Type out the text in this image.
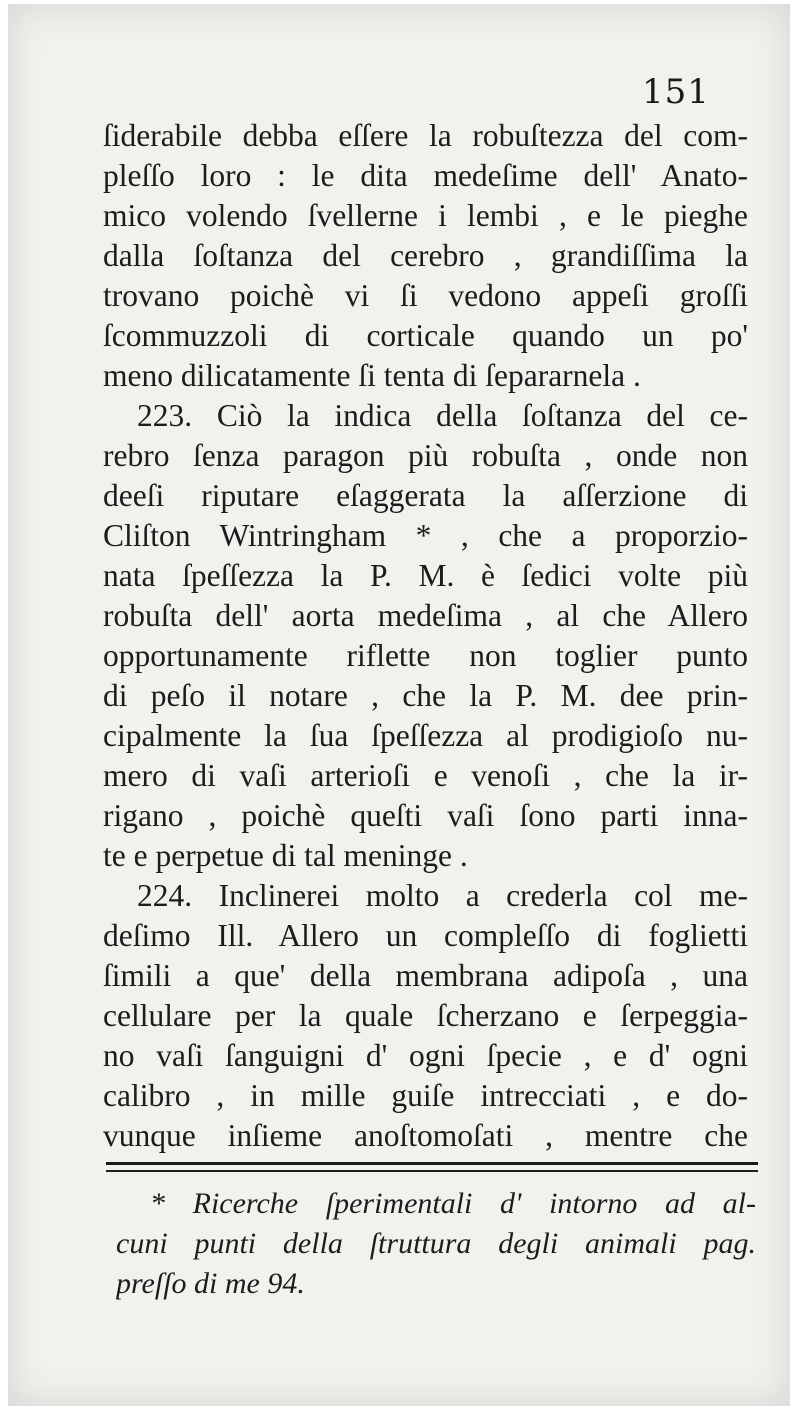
151
ſiderabile debba eſſere la robuſtezza del com-
pleſſo loro : le dita medeſime dell' Anato-
mico volendo ſvellerne i lembi , e le pieghe
dalla ſoſtanza del cerebro , grandiſſima la
trovano poichè vi ſi vedono appeſi groſſi
ſcommuzzoli di corticale quando un po'
meno dilicatamente ſi tenta di ſepararnela .
223. Ciò la indica della ſoſtanza del ce-
rebro ſenza paragon più robuſta , onde non
deeſi riputare eſaggerata la aſſerzione di
Cliſton Wintringham * , che a proporzio-
nata ſpeſſezza la P. M. è ſedici volte più
robuſta dell' aorta medeſima , al che Allero
opportunamente riflette non toglier punto
di peſo il notare , che la P. M. dee prin-
cipalmente la ſua ſpeſſezza al prodigioſo nu-
mero di vaſi arterioſi e venoſi , che la ir-
rigano , poichè queſti vaſi ſono parti inna-
te e perpetue di tal meninge .
224. Inclinerei molto a crederla col me-
deſimo Ill. Allero un compleſſo di foglietti
ſimili a que' della membrana adipoſa , una
cellulare per la quale ſcherzano e ſerpeggia-
no vaſi ſanguigni d' ogni ſpecie , e d' ogni
calibro , in mille guiſe intrecciati , e do-
vunque inſieme anoſtomoſati , mentre che
* Ricerche ſperimentali d' intorno ad al-
cuni punti della ſtruttura degli animali pag.
preſſo di me 94.
